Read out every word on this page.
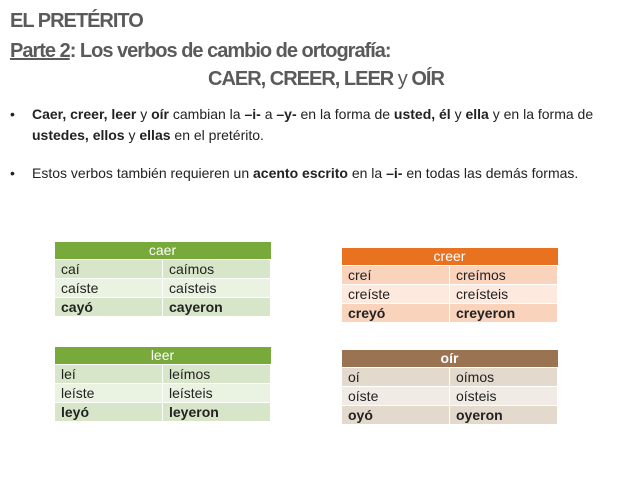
EL PRETÉRITO
Parte 2: Los verbos de cambio de ortografía:
CAER, CREER, LEER y OÍR
•	Caer, creer, leer y oír cambian la –i- a –y- en la forma de usted, él y ella y en la forma de ustedes, ellos y ellas en el pretérito.
•	Estos verbos también requieren un acento escrito en la –i- en todas las demás formas.
caer	
caí	caímos
caíste	caísteis
cayó	cayeron
creer	
creí	creímos
creíste	creísteis
creyó	creyeron
leer	
leí	leímos
leíste	leísteis
leyó	leyeron
oír	
oí	oímos
oíste	oísteis
oyó	oyeron
